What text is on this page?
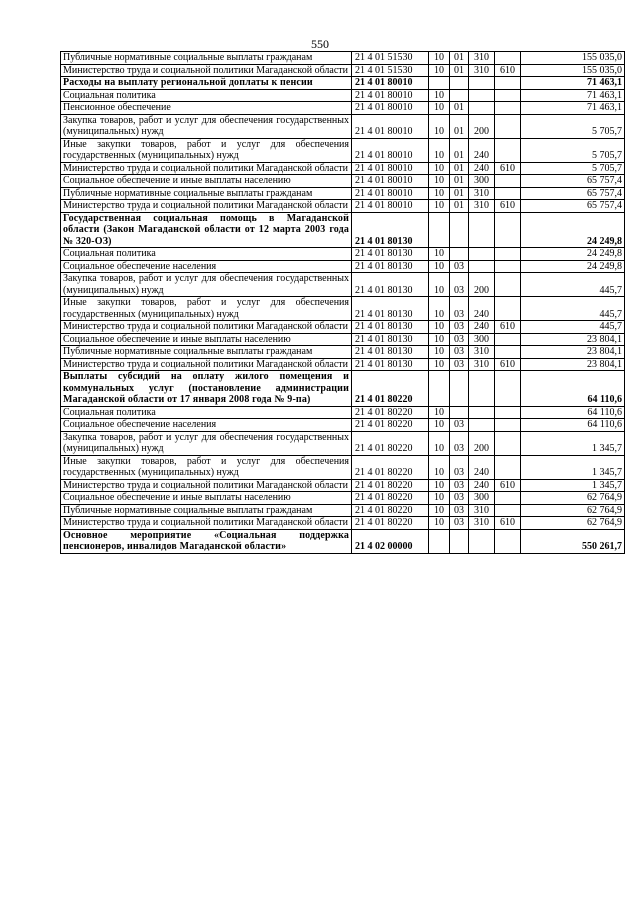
550
Публичные нормативные социальные выплаты гражданам	21 4 01 51530	10	01	310		155 035,0
Министерство труда и социальной политики Магаданской области	21 4 01 51530	10	01	310	610	155 035,0
Расходы на выплату региональной доплаты к пенсии	21 4 01 80010					71 463,1
Социальная политика	21 4 01 80010	10				71 463,1
Пенсионное обеспечение	21 4 01 80010	10	01			71 463,1
Закупка товаров, работ и услуг для обеспечения государственных (муниципальных) нужд	21 4 01 80010	10	01	200		5 705,7
Иные закупки товаров, работ и услуг для обеспечения государственных (муниципальных) нужд	21 4 01 80010	10	01	240		5 705,7
Министерство труда и социальной политики Магаданской области	21 4 01 80010	10	01	240	610	5 705,7
Социальное обеспечение и иные выплаты населению	21 4 01 80010	10	01	300		65 757,4
Публичные нормативные социальные выплаты гражданам	21 4 01 80010	10	01	310		65 757,4
Министерство труда и социальной политики Магаданской области	21 4 01 80010	10	01	310	610	65 757,4
Государственная социальная помощь в Магаданской области (Закон Магаданской области от 12 марта 2003 года № 320-ОЗ)	21 4 01 80130					24 249,8
Социальная политика	21 4 01 80130	10				24 249,8
Социальное обеспечение населения	21 4 01 80130	10	03			24 249,8
Закупка товаров, работ и услуг для обеспечения государственных (муниципальных) нужд	21 4 01 80130	10	03	200		445,7
Иные закупки товаров, работ и услуг для обеспечения государственных (муниципальных) нужд	21 4 01 80130	10	03	240		445,7
Министерство труда и социальной политики Магаданской области	21 4 01 80130	10	03	240	610	445,7
Социальное обеспечение и иные выплаты населению	21 4 01 80130	10	03	300		23 804,1
Публичные нормативные социальные выплаты гражданам	21 4 01 80130	10	03	310		23 804,1
Министерство труда и социальной политики Магаданской области	21 4 01 80130	10	03	310	610	23 804,1
Выплаты субсидий на оплату жилого помещения и коммунальных услуг (постановление администрации Магаданской области от 17 января 2008 года № 9-па)	21 4 01 80220					64 110,6
Социальная политика	21 4 01 80220	10				64 110,6
Социальное обеспечение населения	21 4 01 80220	10	03			64 110,6
Закупка товаров, работ и услуг для обеспечения государственных (муниципальных) нужд	21 4 01 80220	10	03	200		1 345,7
Иные закупки товаров, работ и услуг для обеспечения государственных (муниципальных) нужд	21 4 01 80220	10	03	240		1 345,7
Министерство труда и социальной политики Магаданской области	21 4 01 80220	10	03	240	610	1 345,7
Социальное обеспечение и иные выплаты населению	21 4 01 80220	10	03	300		62 764,9
Публичные нормативные социальные выплаты гражданам	21 4 01 80220	10	03	310		62 764,9
Министерство труда и социальной политики Магаданской области	21 4 01 80220	10	03	310	610	62 764,9
Основное мероприятие «Социальная поддержка пенсионеров, инвалидов Магаданской области»	21 4 02 00000					550 261,7
